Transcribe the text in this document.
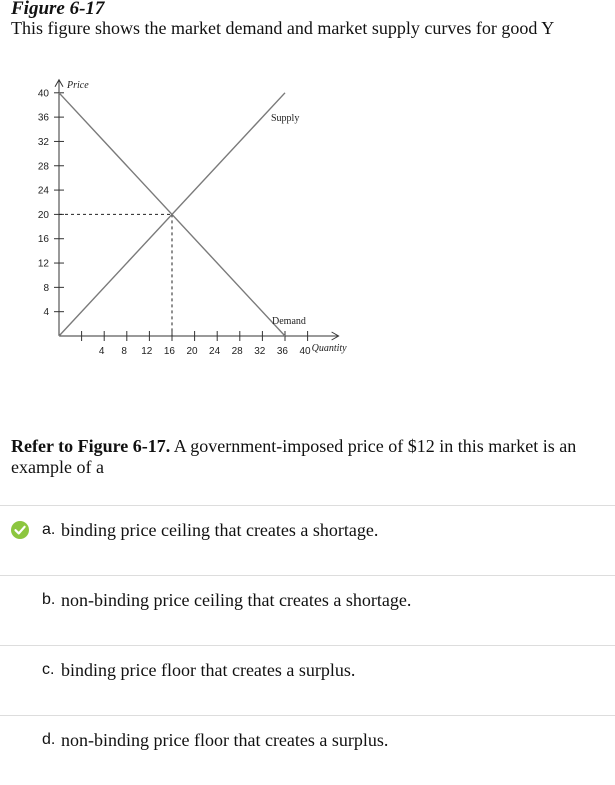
Figure 6-17
This figure shows the market demand and market supply curves for good Y
4
8
12
16
20
24
28
32
36
40
4 8 12 16 20 24 28 32 36 40
Price
Quantity
Supply
Demand
Refer to Figure 6-17. A government-imposed price of $12 in this market is an example of a
a. binding price ceiling that creates a shortage.
b. non-binding price ceiling that creates a shortage.
c. binding price floor that creates a surplus.
d. non-binding price floor that creates a surplus.
